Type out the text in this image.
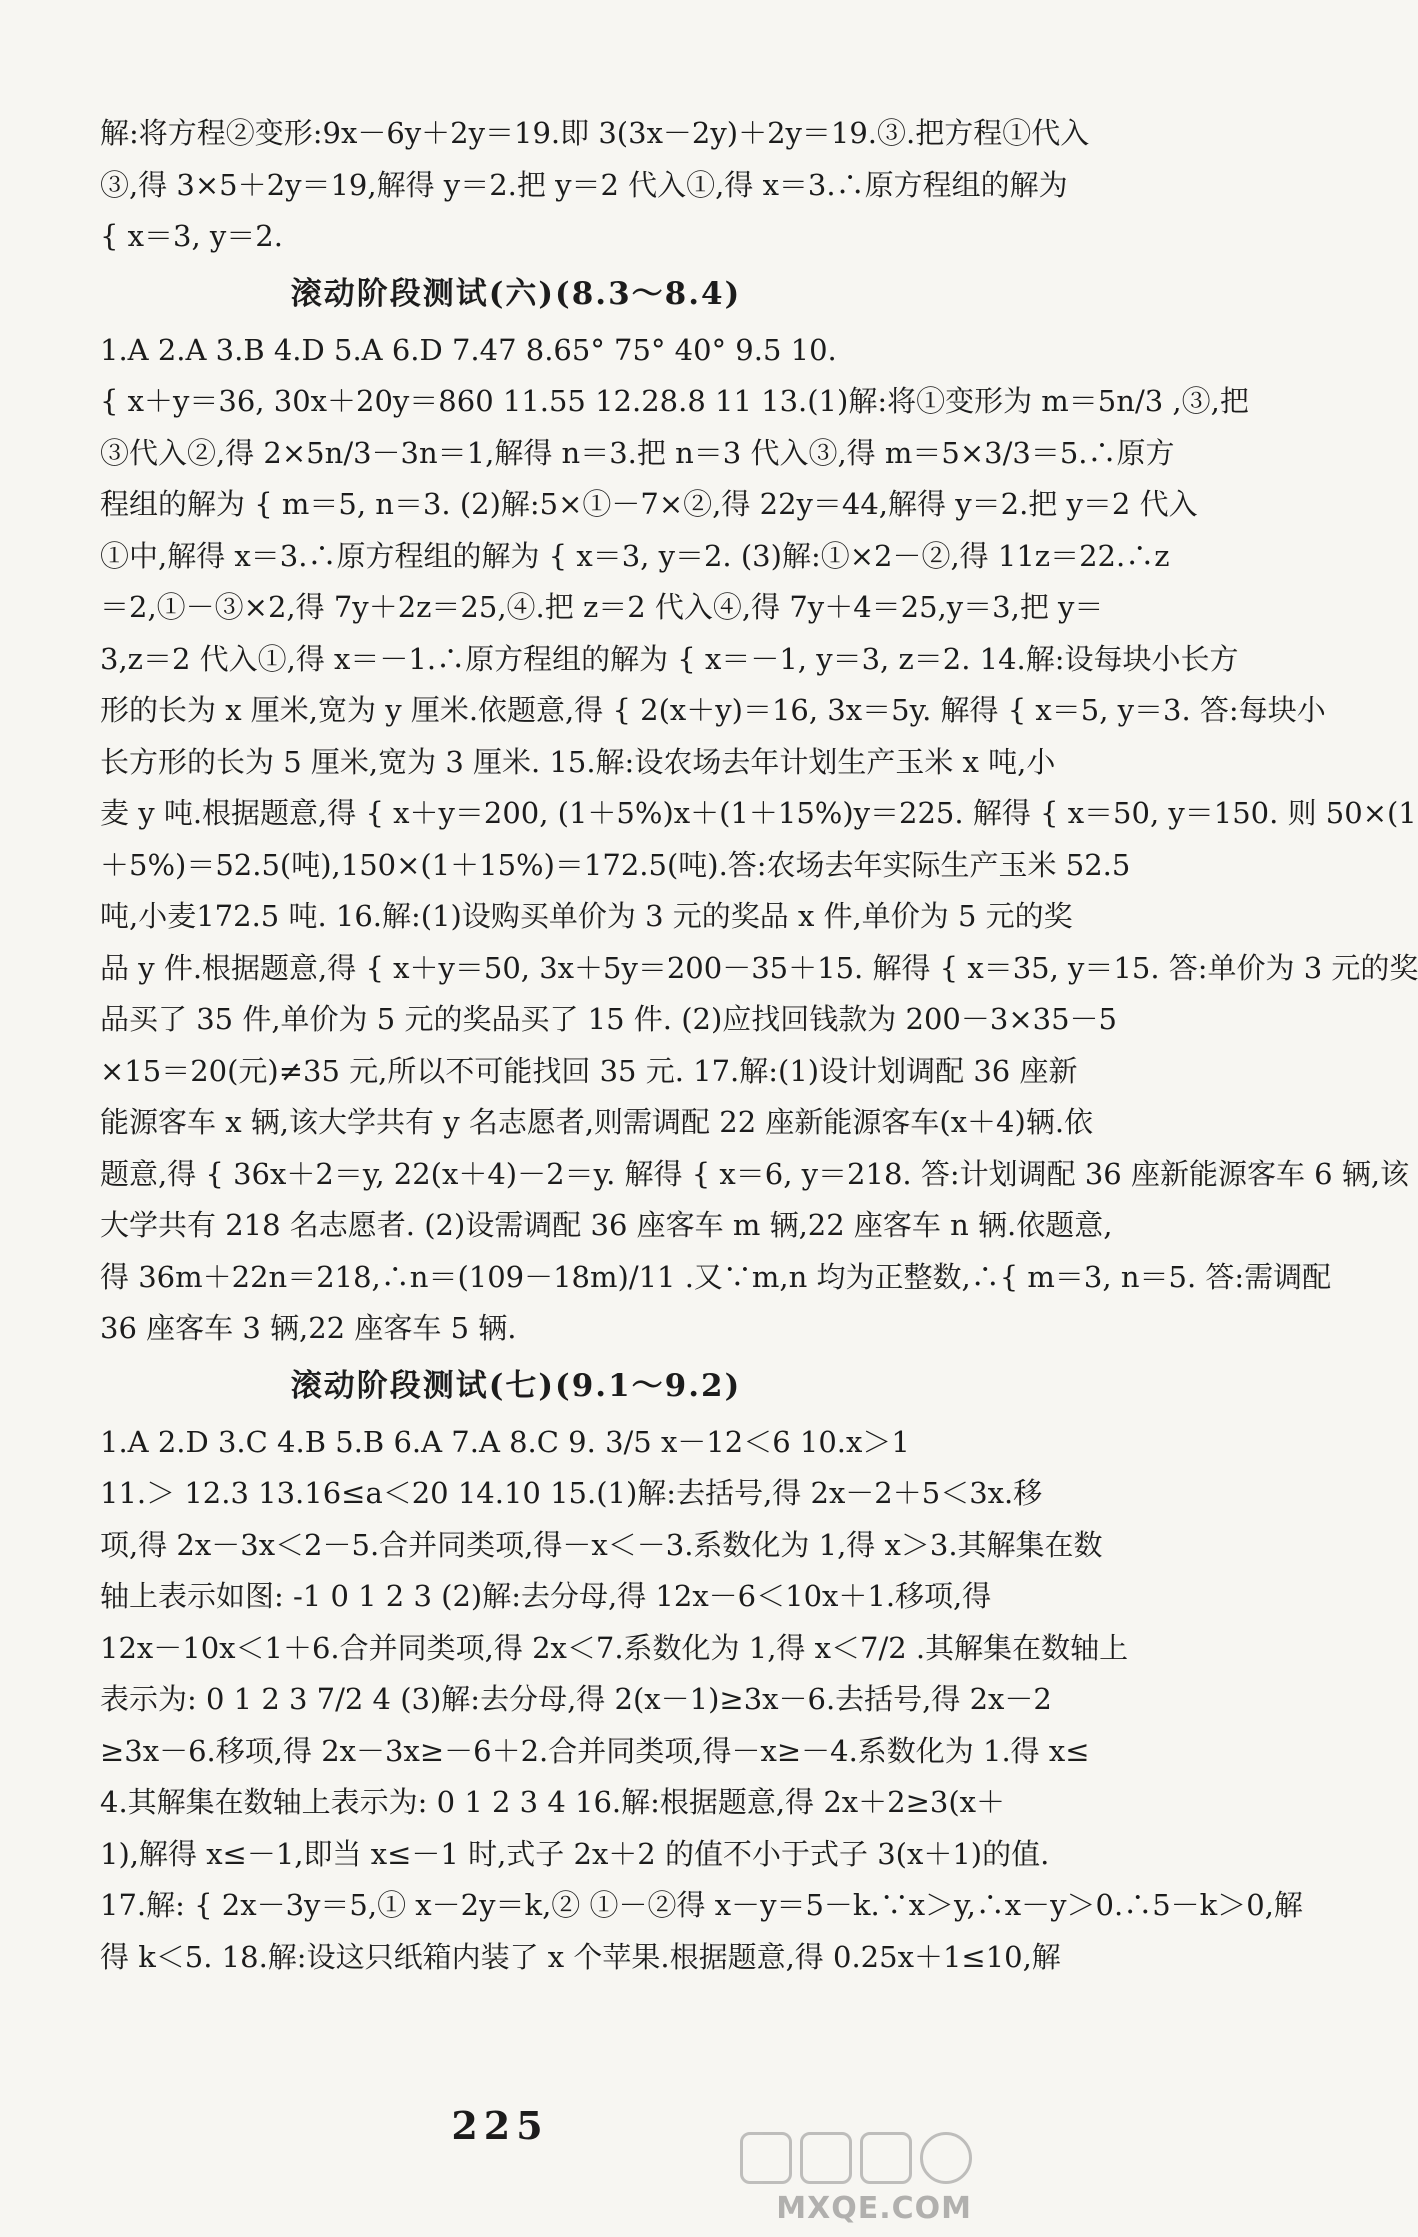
解:将方程②变形:9x－6y＋2y＝19.即 3(3x－2y)＋2y＝19.③.把方程①代入

③,得 3×5＋2y＝19,解得 y＝2.把 y＝2 代入①,得 x＝3.∴原方程组的解为

{ x＝3, y＝2.

滚动阶段测试(六)(8.3～8.4)

1.A 2.A 3.B 4.D 5.A 6.D 7.47 8.65° 75° 40° 9.5 10.

{ x＋y＝36, 30x＋20y＝860 11.55 12.28.8 11 13.(1)解:将①变形为 m＝5n/3 ,③,把

③代入②,得 2×5n/3－3n＝1,解得 n＝3.把 n＝3 代入③,得 m＝5×3/3＝5.∴原方

程组的解为 { m＝5, n＝3. (2)解:5×①－7×②,得 22y＝44,解得 y＝2.把 y＝2 代入

①中,解得 x＝3.∴原方程组的解为 { x＝3, y＝2. (3)解:①×2－②,得 11z＝22.∴z

＝2,①－③×2,得 7y＋2z＝25,④.把 z＝2 代入④,得 7y＋4＝25,y＝3,把 y＝

3,z＝2 代入①,得 x＝－1.∴原方程组的解为 { x＝－1, y＝3, z＝2. 14.解:设每块小长方

形的长为 x 厘米,宽为 y 厘米.依题意,得 { 2(x＋y)＝16, 3x＝5y. 解得 { x＝5, y＝3. 答:每块小

长方形的长为 5 厘米,宽为 3 厘米. 15.解:设农场去年计划生产玉米 x 吨,小

麦 y 吨.根据题意,得 { x＋y＝200, (1＋5%)x＋(1＋15%)y＝225. 解得 { x＝50, y＝150. 则 50×(1

＋5%)＝52.5(吨),150×(1＋15%)＝172.5(吨).答:农场去年实际生产玉米 52.5

吨,小麦172.5 吨. 16.解:(1)设购买单价为 3 元的奖品 x 件,单价为 5 元的奖

品 y 件.根据题意,得 { x＋y＝50, 3x＋5y＝200－35＋15. 解得 { x＝35, y＝15. 答:单价为 3 元的奖

品买了 35 件,单价为 5 元的奖品买了 15 件. (2)应找回钱款为 200－3×35－5

×15＝20(元)≠35 元,所以不可能找回 35 元. 17.解:(1)设计划调配 36 座新

能源客车 x 辆,该大学共有 y 名志愿者,则需调配 22 座新能源客车(x＋4)辆.依

题意,得 { 36x＋2＝y, 22(x＋4)－2＝y. 解得 { x＝6, y＝218. 答:计划调配 36 座新能源客车 6 辆,该

大学共有 218 名志愿者. (2)设需调配 36 座客车 m 辆,22 座客车 n 辆.依题意,

得 36m＋22n＝218,∴n＝(109－18m)/11 .又∵m,n 均为正整数,∴{ m＝3, n＝5. 答:需调配

36 座客车 3 辆,22 座客车 5 辆.

滚动阶段测试(七)(9.1～9.2)

1.A 2.D 3.C 4.B 5.B 6.A 7.A 8.C 9. 3/5 x－12＜6 10.x＞1

11.＞ 12.3 13.16≤a＜20 14.10 15.(1)解:去括号,得 2x－2＋5＜3x.移

项,得 2x－3x＜2－5.合并同类项,得－x＜－3.系数化为 1,得 x＞3.其解集在数

轴上表示如图: -1 0 1 2 3 (2)解:去分母,得 12x－6＜10x＋1.移项,得

12x－10x＜1＋6.合并同类项,得 2x＜7.系数化为 1,得 x＜7/2 .其解集在数轴上

表示为: 0 1 2 3 7/2 4 (3)解:去分母,得 2(x－1)≥3x－6.去括号,得 2x－2

≥3x－6.移项,得 2x－3x≥－6＋2.合并同类项,得－x≥－4.系数化为 1.得 x≤

4.其解集在数轴上表示为: 0 1 2 3 4 16.解:根据题意,得 2x＋2≥3(x＋

1),解得 x≤－1,即当 x≤－1 时,式子 2x＋2 的值不小于式子 3(x＋1)的值.

17.解: { 2x－3y＝5,① x－2y＝k,② ①－②得 x－y＝5－k.∵x＞y,∴x－y＞0.∴5－k＞0,解

得 k＜5. 18.解:设这只纸箱内装了 x 个苹果.根据题意,得 0.25x＋1≤10,解

225
MXQE.COM
